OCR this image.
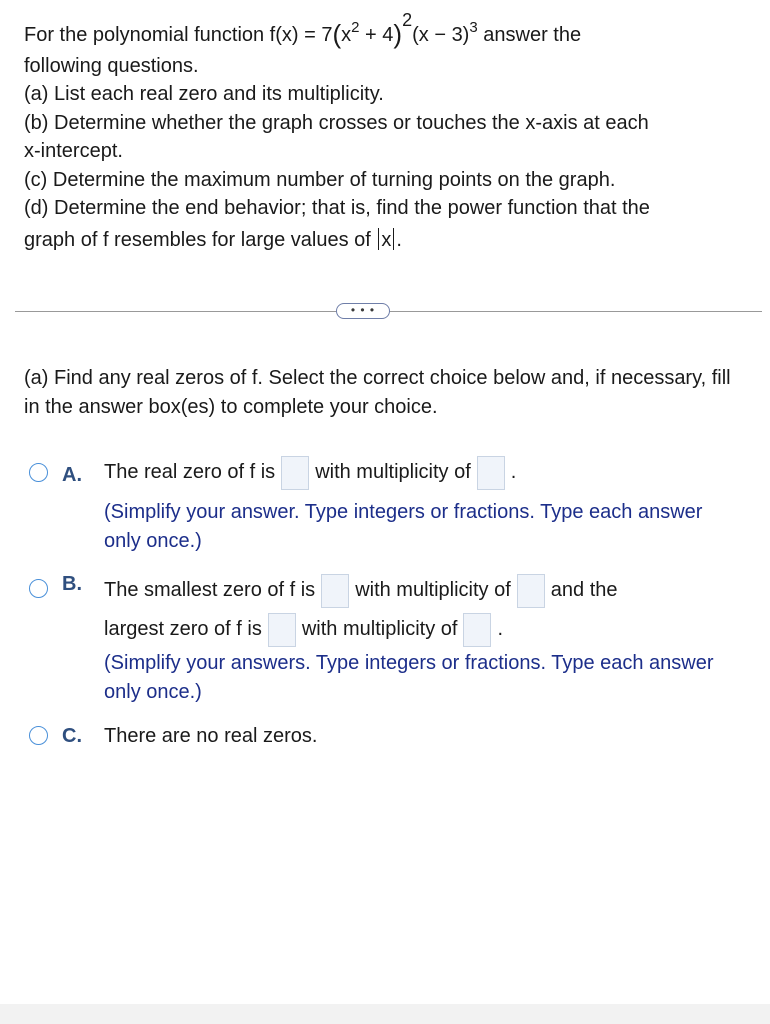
For the polynomial function $f(x) = 7(x^2 + 4)2(x - 3)^3$ answer the
following questions.
(a) List each real zero and its multiplicity.
(b) Determine whether the graph crosses or touches the x-axis at each
x-intercept.
(c) Determine the maximum number of turning points on the graph.
(d) Determine the end behavior; that is, find the power function that the
graph of f resembles for large values of x .
• • •
(a) Find any real zeros of f. Select the correct choice below and, if necessary, fill in the answer box(es) to complete your choice.
A. The real zero of f is with multiplicity of .
(Simplify your answer. Type integers or fractions. Type each answer only once.)
B. The smallest zero of f is with multiplicity of and the
largest zero of f is with multiplicity of .
(Simplify your answers. Type integers or fractions. Type each answer only once.)
C. There are no real zeros.
